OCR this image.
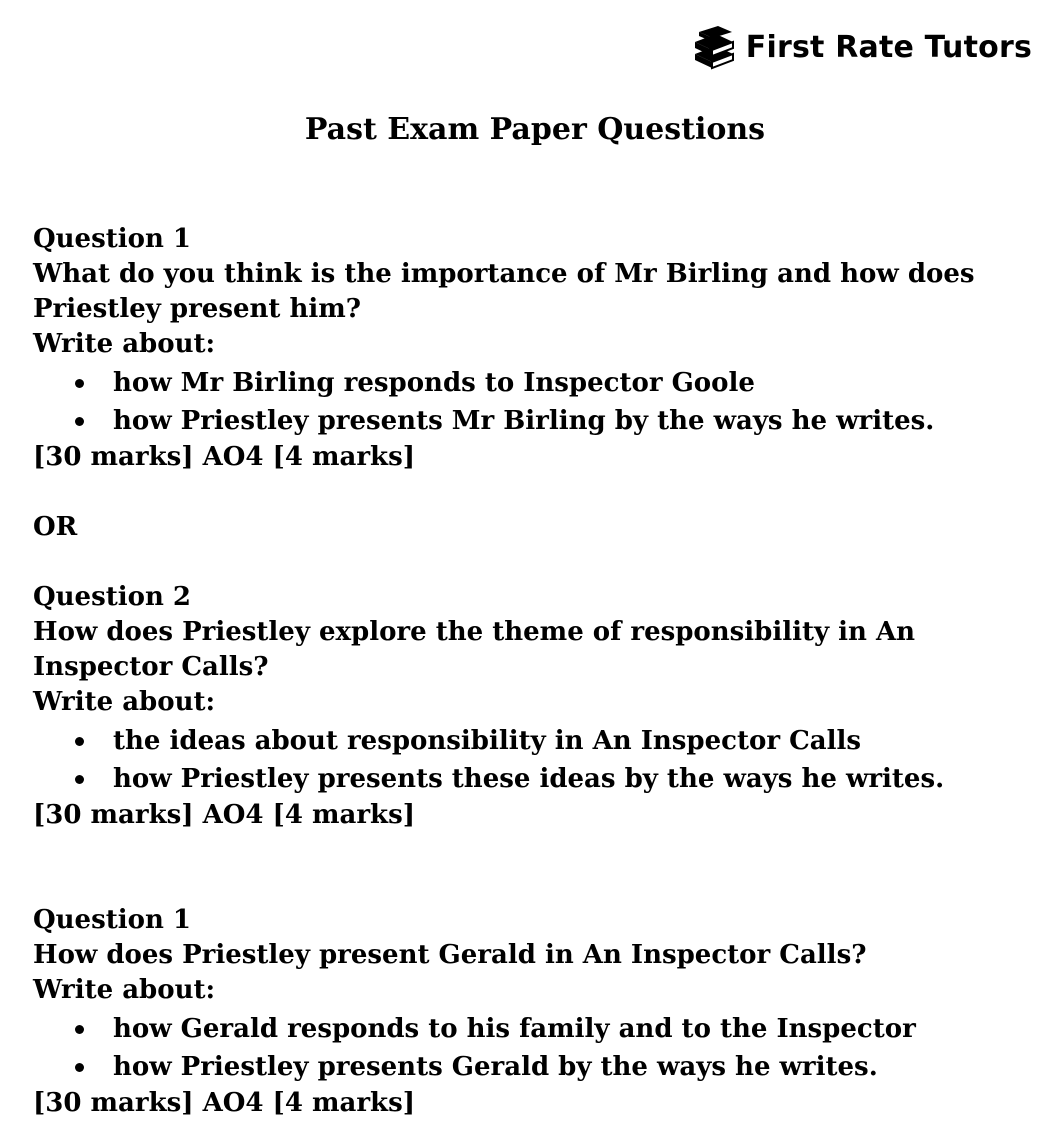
First Rate Tutors
Past Exam Paper Questions

Question 1

What do you think is the importance of Mr Birling and how does Priestley present him?

Write about:

how Mr Birling responds to Inspector Goole
how Priestley presents Mr Birling by the ways he writes.

[30 marks] AO4 [4 marks]

OR

Question 2

How does Priestley explore the theme of responsibility in An Inspector Calls?

Write about:

the ideas about responsibility in An Inspector Calls
how Priestley presents these ideas by the ways he writes.

[30 marks] AO4 [4 marks]

Question 1

How does Priestley present Gerald in An Inspector Calls?

Write about:

how Gerald responds to his family and to the Inspector
how Priestley presents Gerald by the ways he writes.

[30 marks] AO4 [4 marks]
